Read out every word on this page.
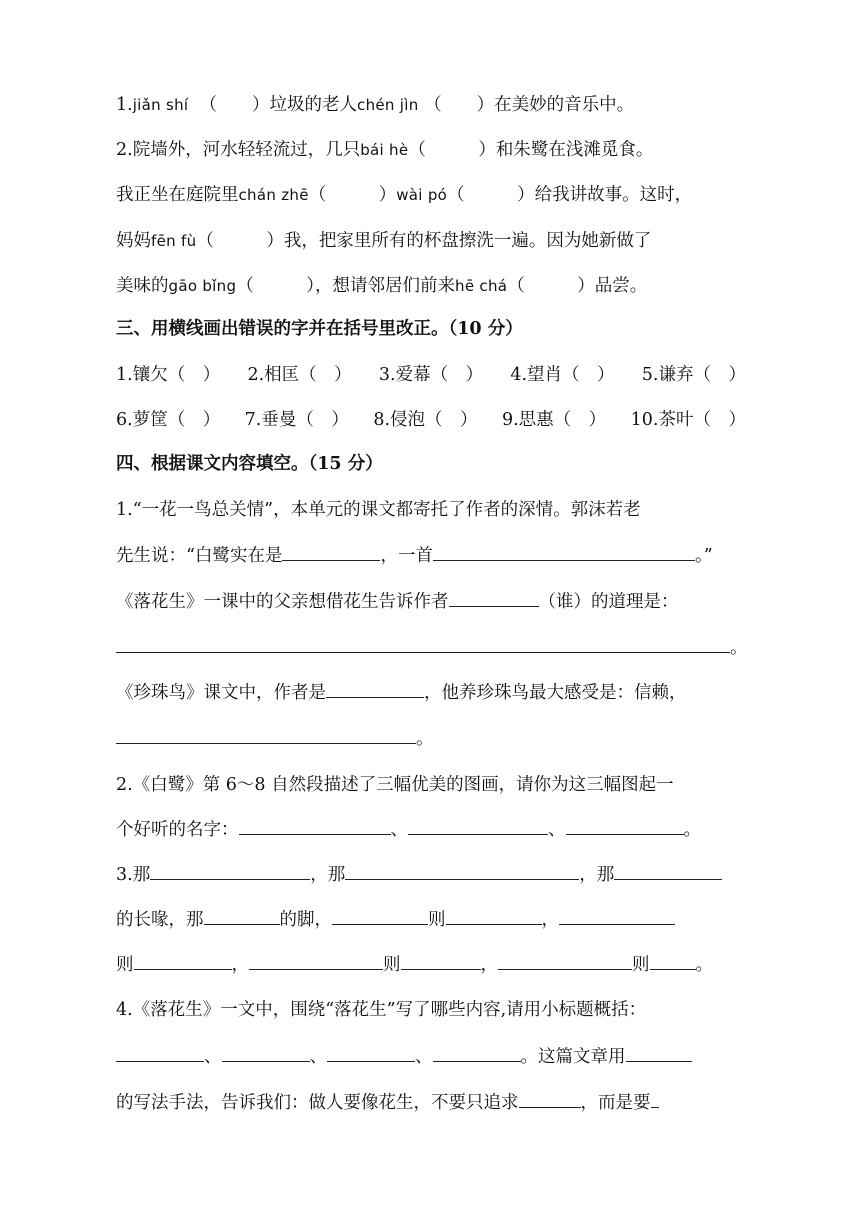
1.jiǎn shí （　　）垃圾的老人chén jìn （　　）在美妙的音乐中。
2.院墙外，河水轻轻流过，几只bái hè（　　　）和朱鹭在浅滩觅食。
我正坐在庭院里chán zhē（　　　）wài pó（　　　）给我讲故事。这时，
妈妈fēn fù（　　　）我，把家里所有的杯盘擦洗一遍。因为她新做了
美味的gāo bǐng（　　　），想请邻居们前来hē chá（　　　）品尝。
三、用横线画出错误的字并在括号里改正。（10 分）
1.镶欠（　） 2.相匡（　） 3.爱幕（　） 4.望肖（　） 5.谦弃（　）
6.萝筐（　） 7.垂曼（　） 8.侵泡（　） 9.思惠（　） 10.茶叶（　）
四、根据课文内容填空。（15 分）
1.“一花一鸟总关情”，本单元的课文都寄托了作者的深情。郭沫若老
先生说：“白鹭实在是	，一首	。”
《落花生》一课中的父亲想借花生告诉作者	（谁）的道理是：
。
《珍珠鸟》课文中，作者是	，他养珍珠鸟最大感受是：信赖，
。
2.《白鹭》第 6～8 自然段描述了三幅优美的图画，请你为这三幅图起一
个好听的名字：	、	、	。
3.那	，那	，那
的长喙，那	的脚，	则	，
则	，	则	，	则	。
4.《落花生》一文中，围绕“落花生”写了哪些内容,请用小标题概括：
、	、	、	。这篇文章用
的写法手法，告诉我们：做人要像花生，不要只追求	，而是要
